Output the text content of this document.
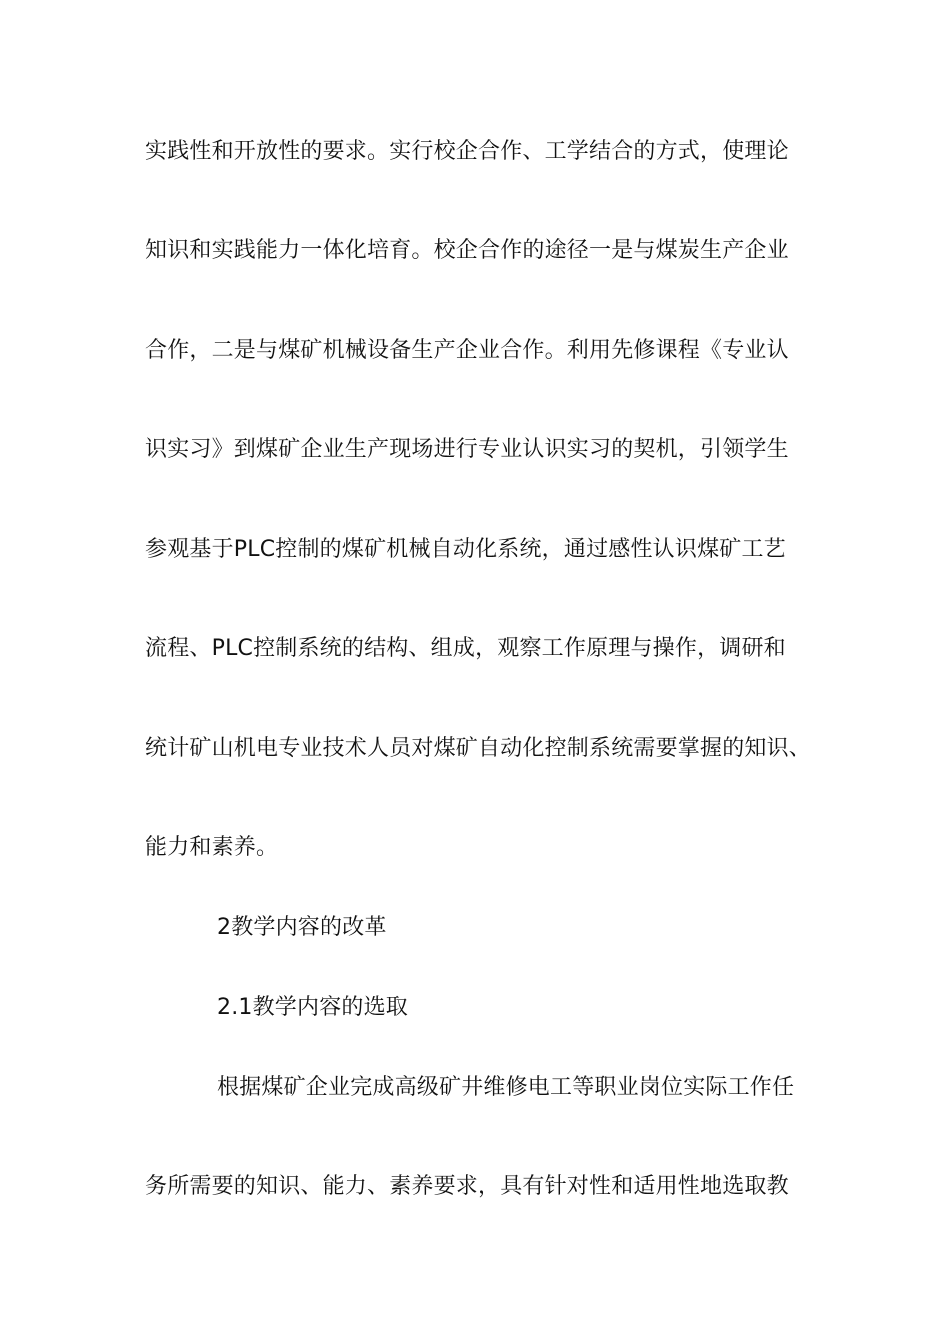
实践性和开放性的要求。实行校企合作、工学结合的方式，使理论
知识和实践能力一体化培育。校企合作的途径一是与煤炭生产企业
合作，二是与煤矿机械设备生产企业合作。利用先修课程《专业认
识实习》到煤矿企业生产现场进行专业认识实习的契机，引领学生
参观基于PLC控制的煤矿机械自动化系统，通过感性认识煤矿工艺
流程、PLC控制系统的结构、组成，观察工作原理与操作，调研和
统计矿山机电专业技术人员对煤矿自动化控制系统需要掌握的知识、
能力和素养。
2教学内容的改革
2.1教学内容的选取
根据煤矿企业完成高级矿井维修电工等职业岗位实际工作任
务所需要的知识、能力、素养要求，具有针对性和适用性地选取教
